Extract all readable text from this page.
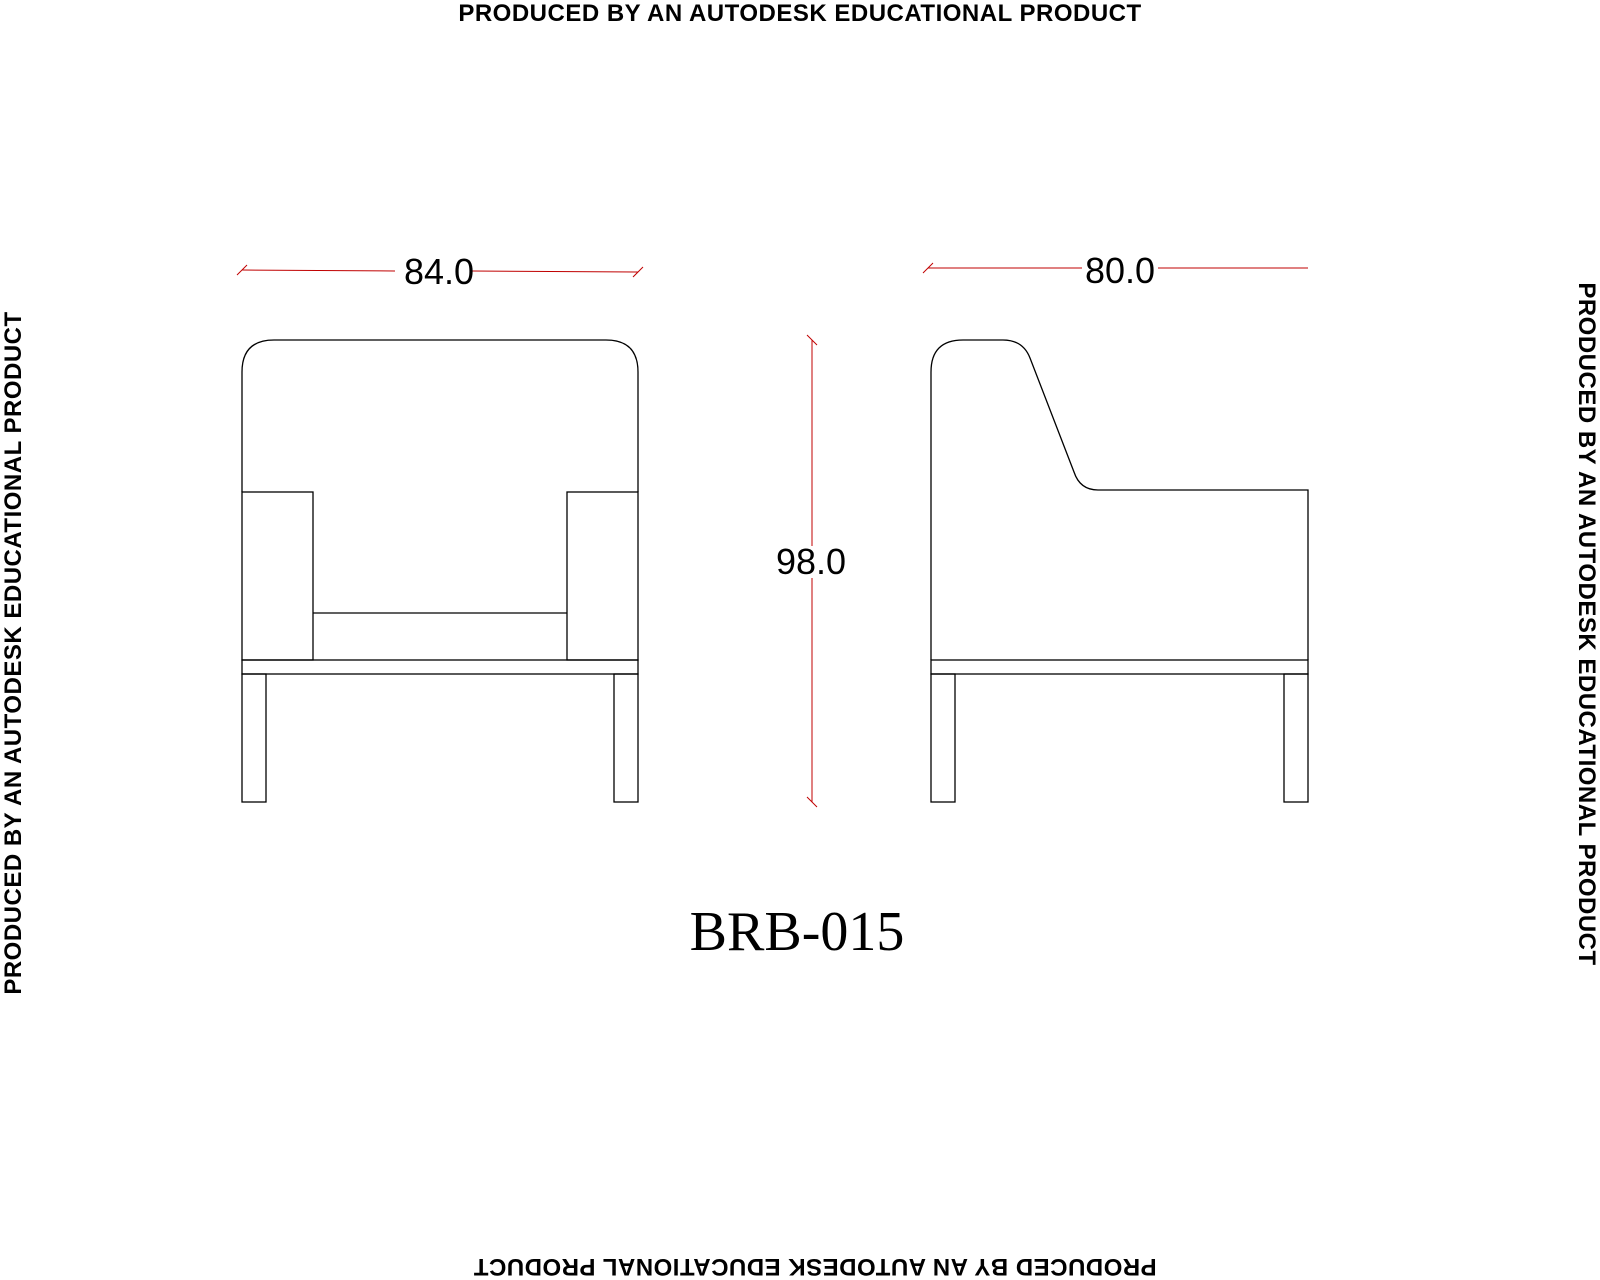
PRODUCED BY AN AUTODESK EDUCATIONAL PRODUCT
PRODUCED BY AN AUTODESK EDUCATIONAL PRODUCT
PRODUCED BY AN AUTODESK EDUCATIONAL PRODUCT	PRODUCED BY AN AUTODESK EDUCATIONAL PRODUCT
84.0	80.0
98.0
BRB-015
